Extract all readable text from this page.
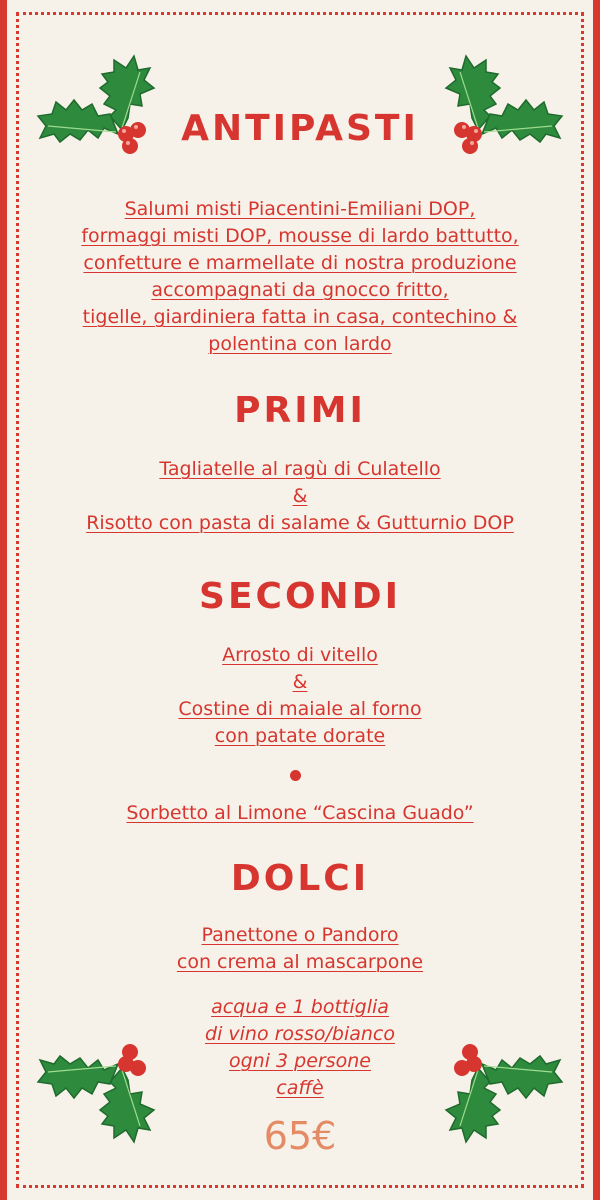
ANTIPASTI
Salumi misti Piacentini-Emiliani DOP,
formaggi misti DOP, mousse di lardo battutto,
confetture e marmellate di nostra produzione
accompagnati da gnocco fritto,
tigelle, giardiniera fatta in casa, contechino &
polentina con lardo
PRIMI
Tagliatelle al ragù di Culatello
&
Risotto con pasta di salame & Gutturnio DOP
SECONDI
Arrosto di vitello
&
Costine di maiale al forno
con patate dorate
Sorbetto al Limone “Cascina Guado”
DOLCI
Panettone o Pandoro
con crema al mascarpone
acqua e 1 bottiglia
di vino rosso/bianco
ogni 3 persone
caffè
65€
